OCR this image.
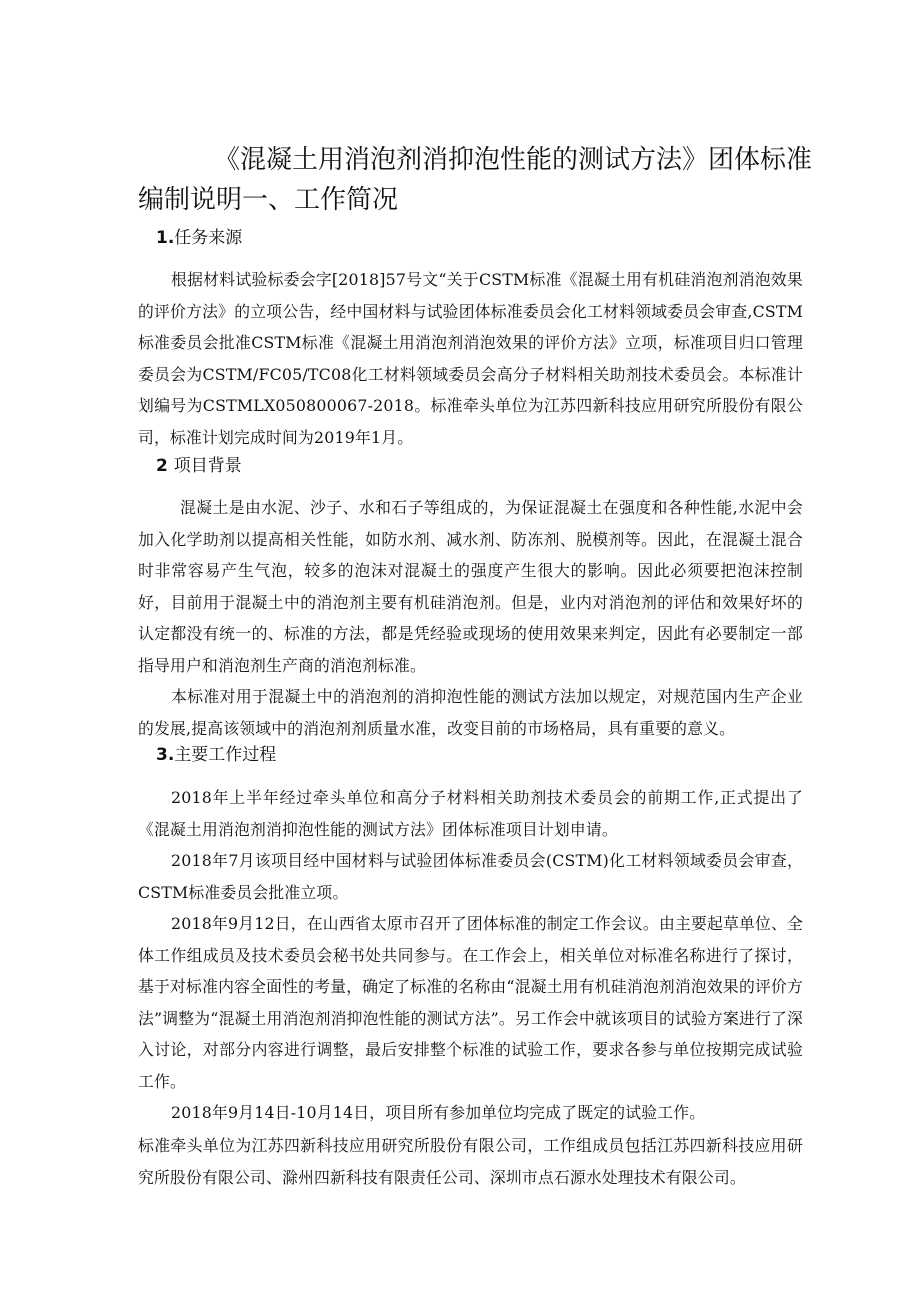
《混凝土用消泡剂消抑泡性能的测试方法》团体标准
编制说明一、工作简况
1.任务来源

根据材料试验标委会字[2018]57号文“关于CSTM标准《混凝土用有机硅消泡剂消泡效果的评价方法》的立项公告，经中国材料与试验团体标准委员会化工材料领域委员会审查,CSTM标准委员会批准CSTM标准《混凝土用消泡剂消泡效果的评价方法》立项，标准项目归口管理委员会为CSTM/FC05/TC08化工材料领域委员会高分子材料相关助剂技术委员会。本标准计划编号为CSTMLX050800067-2018。标准牵头单位为江苏四新科技应用研究所股份有限公司，标准计划完成时间为2019年1月。

2 项目背景

混凝土是由水泥、沙子、水和石子等组成的，为保证混凝土在强度和各种性能,水泥中会加入化学助剂以提高相关性能，如防水剂、减水剂、防冻剂、脱模剂等。因此，在混凝土混合时非常容易产生气泡，较多的泡沫对混凝土的强度产生很大的影响。因此必须要把泡沫控制好，目前用于混凝土中的消泡剂主要有机硅消泡剂。但是，业内对消泡剂的评估和效果好坏的认定都没有统一的、标准的方法，都是凭经验或现场的使用效果来判定，因此有必要制定一部指导用户和消泡剂生产商的消泡剂标准。

本标准对用于混凝土中的消泡剂的消抑泡性能的测试方法加以规定，对规范国内生产企业的发展,提高该领域中的消泡剂剂质量水准，改变目前的市场格局，具有重要的意义。

3.主要工作过程

2018年上半年经过牵头单位和高分子材料相关助剂技术委员会的前期工作,正式提出了《混凝土用消泡剂消抑泡性能的测试方法》团体标准项目计划申请。

2018年7月该项目经中国材料与试验团体标准委员会(CSTM)化工材料领域委员会审查，CSTM标准委员会批准立项。

2018年9月12日，在山西省太原市召开了团体标准的制定工作会议。由主要起草单位、全体工作组成员及技术委员会秘书处共同参与。在工作会上，相关单位对标准名称进行了探讨，基于对标准内容全面性的考量，确定了标准的名称由“混凝土用有机硅消泡剂消泡效果的评价方法”调整为“混凝土用消泡剂消抑泡性能的测试方法”。另工作会中就该项目的试验方案进行了深入讨论，对部分内容进行调整，最后安排整个标准的试验工作，要求各参与单位按期完成试验工作。

2018年9月14日-10月14日，项目所有参加单位均完成了既定的试验工作。

标准牵头单位为江苏四新科技应用研究所股份有限公司，工作组成员包括江苏四新科技应用研究所股份有限公司、滁州四新科技有限责任公司、深圳市点石源水处理技术有限公司。
